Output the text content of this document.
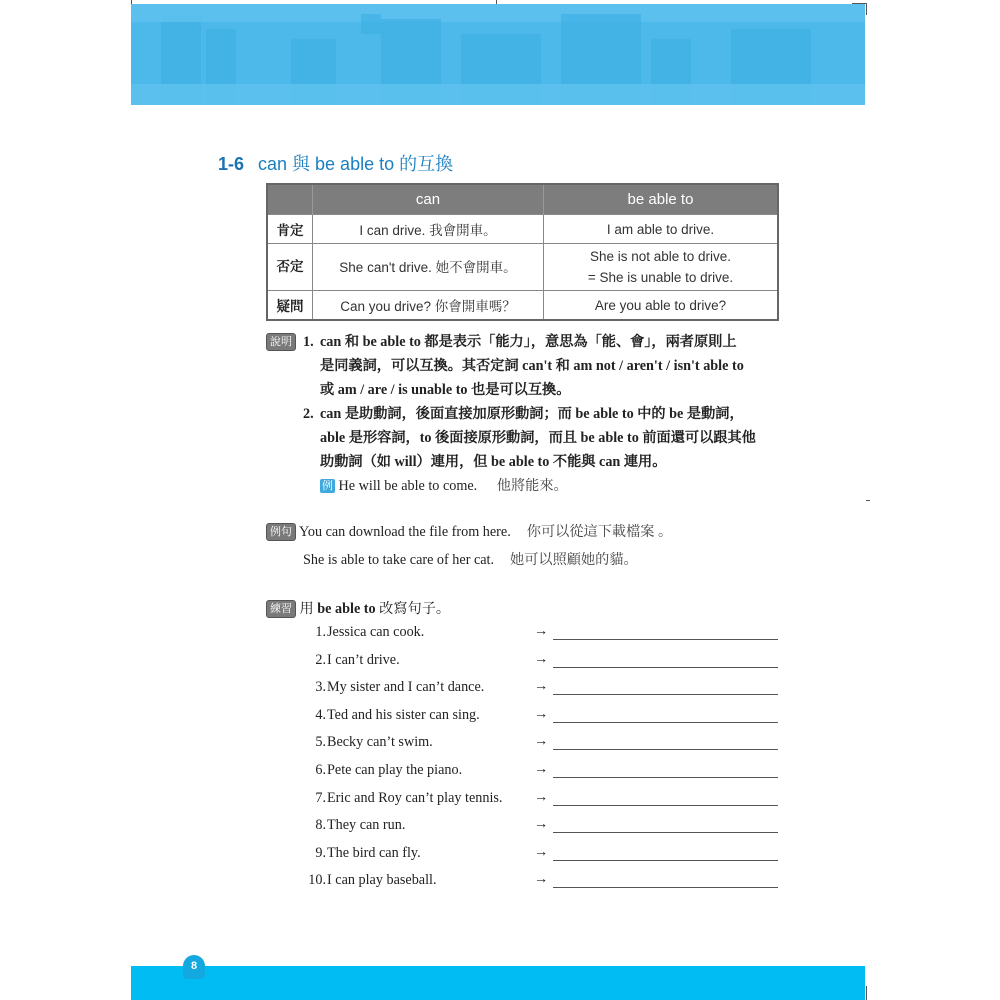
1-6 can 與 be able to 的互換
	can	be able to
肯定	I can drive. 我會開車。	I am able to drive.
否定	She can't drive. 她不會開車。	She is not able to drive.
= She is unable to drive.

疑問	Can you drive? 你會開車嗎？	Are you able to drive?
說明 1. can 和 be able to 都是表示「能力」，意思為「能、會」，兩者原則上
是同義詞，可以互換。其否定詞 can't 和 am not / aren't / isn't able to
或 am / are / is unable to 也是可以互換。
2. can 是助動詞，後面直接加原形動詞；而 be able to 中的 be 是動詞，
able 是形容詞，to 後面接原形動詞，而且 be able to 前面還可以跟其他
助動詞（如 will）連用，但 be able to 不能與 can 連用。
例 He will be able to come. 他將能來。
例句 You can download the file from here. 你可以從這下載檔案 。
She is able to take care of her cat. 她可以照顧她的貓。
練習 用 be able to 改寫句子。
1. Jessica can cook.	→
2. I can’t drive.	→
3. My sister and I can’t dance.	→
4. Ted and his sister can sing.	→
5. Becky can’t swim.	→
6. Pete can play the piano.	→
7. Eric and Roy can’t play tennis. →
8. They can run.	→
9. The bird can fly.	→
10. I can play baseball.	→
8
